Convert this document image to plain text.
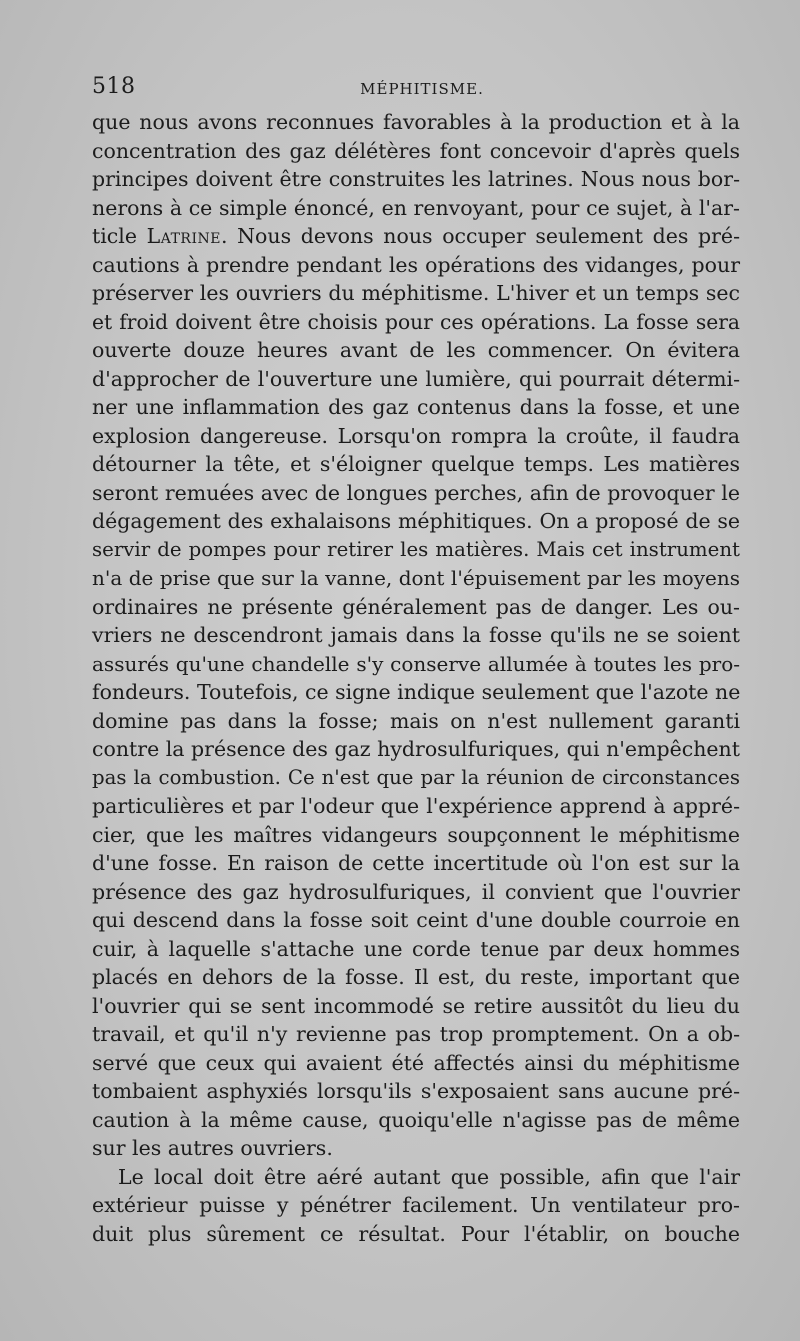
518	MÉPHITISME.
que nous avons reconnues favorables à la production et à la
concentration des gaz délétères font concevoir d'après quels
principes doivent être construites les latrines. Nous nous bor-
nerons à ce simple énoncé, en renvoyant, pour ce sujet, à l'ar-
ticle Latrine. Nous devons nous occuper seulement des pré-
cautions à prendre pendant les opérations des vidanges, pour
préserver les ouvriers du méphitisme. L'hiver et un temps sec
et froid doivent être choisis pour ces opérations. La fosse sera
ouverte douze heures avant de les commencer. On évitera
d'approcher de l'ouverture une lumière, qui pourrait détermi-
ner une inflammation des gaz contenus dans la fosse, et une
explosion dangereuse. Lorsqu'on rompra la croûte, il faudra
détourner la tête, et s'éloigner quelque temps. Les matières
seront remuées avec de longues perches, afin de provoquer le
dégagement des exhalaisons méphitiques. On a proposé de se
servir de pompes pour retirer les matières. Mais cet instrument
n'a de prise que sur la vanne, dont l'épuisement par les moyens
ordinaires ne présente généralement pas de danger. Les ou-
vriers ne descendront jamais dans la fosse qu'ils ne se soient
assurés qu'une chandelle s'y conserve allumée à toutes les pro-
fondeurs. Toutefois, ce signe indique seulement que l'azote ne
domine pas dans la fosse; mais on n'est nullement garanti
contre la présence des gaz hydrosulfuriques, qui n'empêchent
pas la combustion. Ce n'est que par la réunion de circonstances
particulières et par l'odeur que l'expérience apprend à appré-
cier, que les maîtres vidangeurs soupçonnent le méphitisme
d'une fosse. En raison de cette incertitude où l'on est sur la
présence des gaz hydrosulfuriques, il convient que l'ouvrier
qui descend dans la fosse soit ceint d'une double courroie en
cuir, à laquelle s'attache une corde tenue par deux hommes
placés en dehors de la fosse. Il est, du reste, important que
l'ouvrier qui se sent incommodé se retire aussitôt du lieu du
travail, et qu'il n'y revienne pas trop promptement. On a ob-
servé que ceux qui avaient été affectés ainsi du méphitisme
tombaient asphyxiés lorsqu'ils s'exposaient sans aucune pré-
caution à la même cause, quoiqu'elle n'agisse pas de même
sur les autres ouvriers.
Le local doit être aéré autant que possible, afin que l'air
extérieur puisse y pénétrer facilement. Un ventilateur pro-
duit plus sûrement ce résultat. Pour l'établir, on bouche
